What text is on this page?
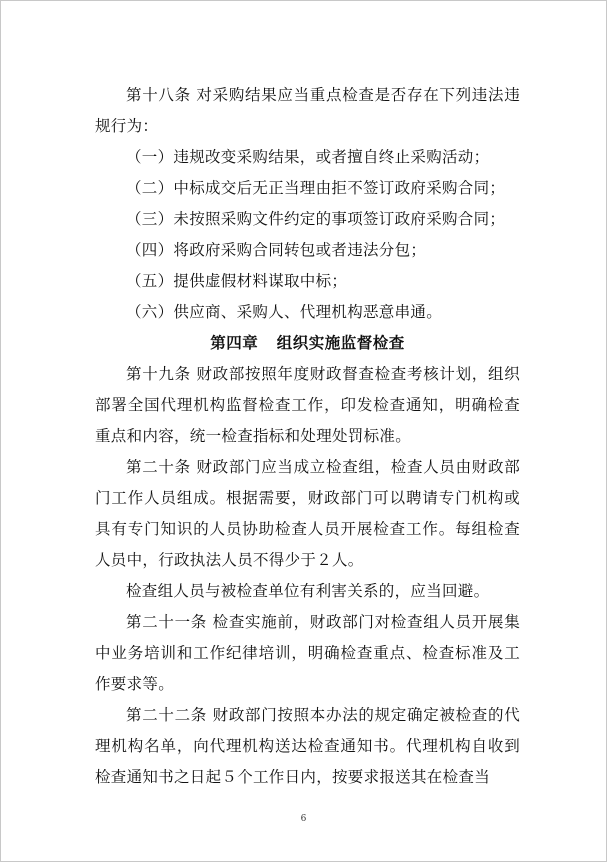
第十八条 对采购结果应当重点检查是否存在下列违法违规行为：

（一）违规改变采购结果，或者擅自终止采购活动；

（二）中标成交后无正当理由拒不签订政府采购合同；

（三）未按照采购文件约定的事项签订政府采购合同；

（四）将政府采购合同转包或者违法分包；

（五）提供虚假材料谋取中标；

（六）供应商、采购人、代理机构恶意串通。

第四章 组织实施监督检查

第十九条 财政部按照年度财政督查检查考核计划，组织部署全国代理机构监督检查工作，印发检查通知，明确检查重点和内容，统一检查指标和处理处罚标准。

第二十条 财政部门应当成立检查组，检查人员由财政部门工作人员组成。根据需要，财政部门可以聘请专门机构或具有专门知识的人员协助检查人员开展检查工作。每组检查人员中，行政执法人员不得少于２人。

检查组人员与被检查单位有利害关系的，应当回避。

第二十一条 检查实施前，财政部门对检查组人员开展集中业务培训和工作纪律培训，明确检查重点、检查标准及工作要求等。

第二十二条 财政部门按照本办法的规定确定被检查的代理机构名单，向代理机构送达检查通知书。代理机构自收到检查通知书之日起５个工作日内，按要求报送其在检查当

6
